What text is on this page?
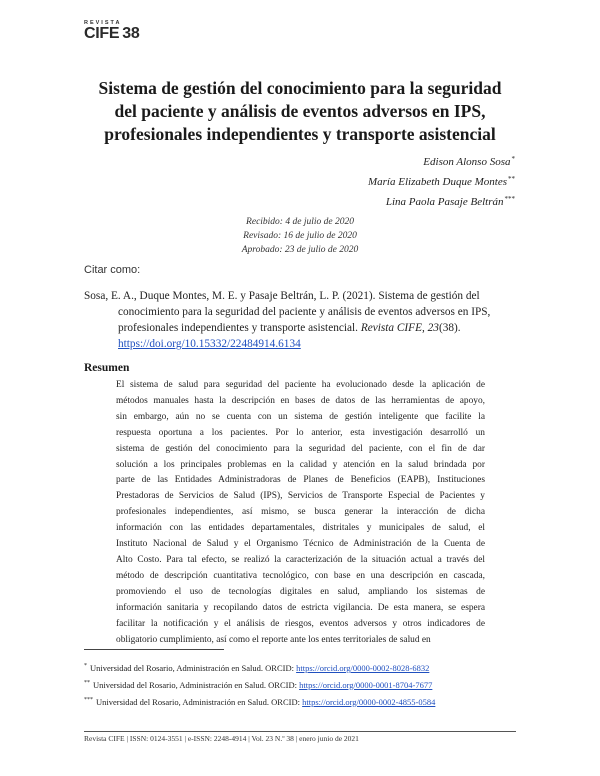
REVISTA
CIFE 38
Sistema de gestión del conocimiento para la seguridad
del paciente y análisis de eventos adversos en IPS,
profesionales independientes y transporte asistencial
Edison Alonso Sosa*
María Elizabeth Duque Montes**
Lina Paola Pasaje Beltrán***
Recibido: 4 de julio de 2020
Revisado: 16 de julio de 2020
Aprobado: 23 de julio de 2020
Citar como:
Sosa, E. A., Duque Montes, M. E. y Pasaje Beltrán, L. P. (2021). Sistema de gestión del
conocimiento para la seguridad del paciente y análisis de eventos adversos en IPS,
profesionales independientes y transporte asistencial. Revista CIFE, 23(38).
https://doi.org/10.15332/22484914.6134
Resumen
El sistema de salud para seguridad del paciente ha evolucionado desde la aplicación de
métodos manuales hasta la descripción en bases de datos de las herramientas de apoyo,
sin embargo, aún no se cuenta con un sistema de gestión inteligente que facilite la
respuesta oportuna a los pacientes. Por lo anterior, esta investigación desarrolló un
sistema de gestión del conocimiento para la seguridad del paciente, con el fin de dar
solución a los principales problemas en la calidad y atención en la salud brindada por
parte de las Entidades Administradoras de Planes de Beneficios (EAPB), Instituciones
Prestadoras de Servicios de Salud (IPS), Servicios de Transporte Especial de Pacientes y
profesionales independientes, así mismo, se busca generar la interacción de dicha
información con las entidades departamentales, distritales y municipales de salud, el
Instituto Nacional de Salud y el Organismo Técnico de Administración de la Cuenta de
Alto Costo. Para tal efecto, se realizó la caracterización de la situación actual a través del
método de descripción cuantitativa tecnológico, con base en una descripción en cascada,
promoviendo el uso de tecnologías digitales en salud, ampliando los sistemas de
información sanitaria y recopilando datos de estricta vigilancia. De esta manera, se espera
facilitar la notificación y el análisis de riesgos, eventos adversos y otros indicadores de
obligatorio cumplimiento, así como el reporte ante los entes territoriales de salud en
* Universidad del Rosario, Administración en Salud. ORCID: https://orcid.org/0000-0002-8028-6832
** Universidad del Rosario, Administración en Salud. ORCID: https://orcid.org/0000-0001-8704-7677
*** Universidad del Rosario, Administración en Salud. ORCID: https://orcid.org/0000-0002-4855-0584
Revista CIFE | ISSN: 0124-3551 | e-ISSN: 2248-4914 | Vol. 23 N.º 38 | enero junio de 2021
